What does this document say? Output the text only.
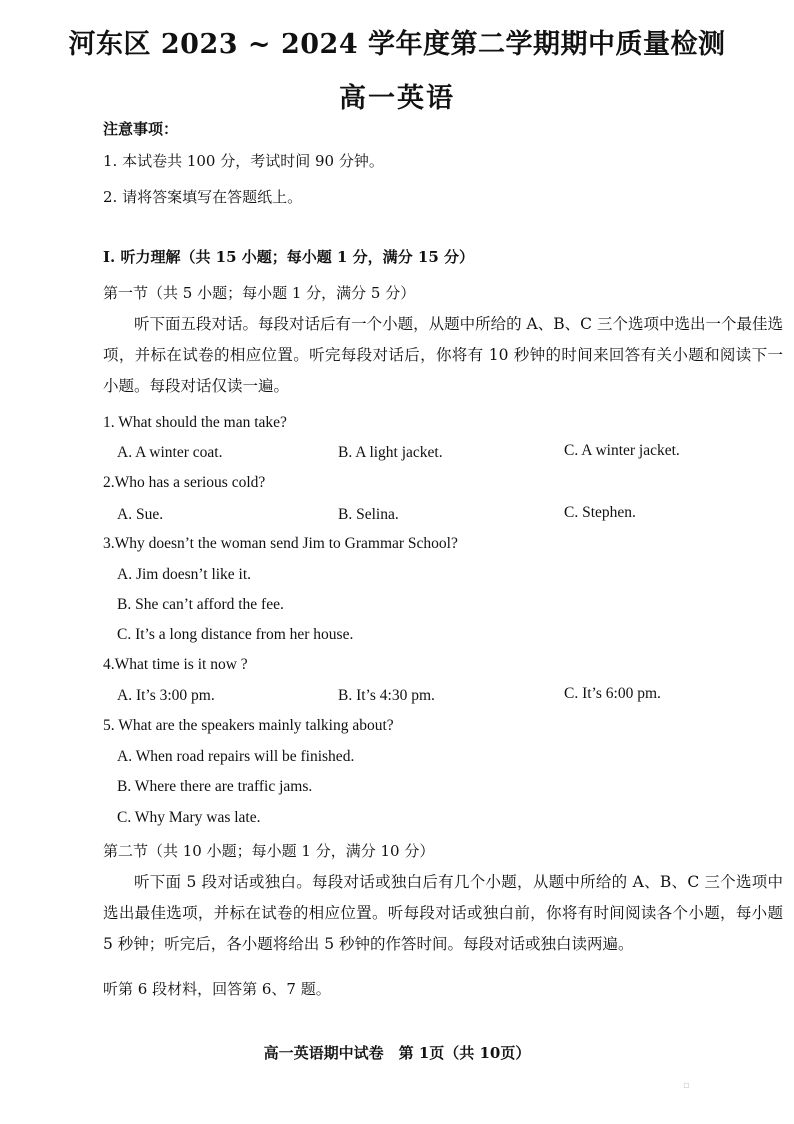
河东区 2023 ~ 2024 学年度第二学期期中质量检测
高一英语
注意事项：
1. 本试卷共 100 分，考试时间 90 分钟。
2. 请将答案填写在答题纸上。
Ⅰ. 听力理解（共 15 小题；每小题 1 分，满分 15 分）
第一节（共 5 小题；每小题 1 分，满分 5 分）
听下面五段对话。每段对话后有一个小题，从题中所给的 A、B、C 三个选项中选出一个最佳选项，并标在试卷的相应位置。听完每段对话后，你将有 10 秒钟的时间来回答有关小题和阅读下一小题。每段对话仅读一遍。
1. What should the man take?
A. A winter coat.	B. A light jacket.	C. A winter jacket.
2.Who has a serious cold?
A. Sue.	B. Selina.	C. Stephen.
3.Why doesn’t the woman send Jim to Grammar School?
A. Jim doesn’t like it.
B. She can’t afford the fee.
C. It’s a long distance from her house.
4.What time is it now ?
A. It’s 3:00 pm.	B. It’s 4:30 pm.	C. It’s 6:00 pm.
5. What are the speakers mainly talking about?
A. When road repairs will be finished.
B. Where there are traffic jams.
C. Why Mary was late.
第二节（共 10 小题；每小题 1 分，满分 10 分）
听下面 5 段对话或独白。每段对话或独白后有几个小题，从题中所给的 A、B、C 三个选项中选出最佳选项，并标在试卷的相应位置。听每段对话或独白前，你将有时间阅读各个小题，每小题 5 秒钟；听完后，各小题将给出 5 秒钟的作答时间。每段对话或独白读两遍。
听第 6 段材料，回答第 6、7 题。
高一英语期中试卷　第 1页（共 10页）
▫
